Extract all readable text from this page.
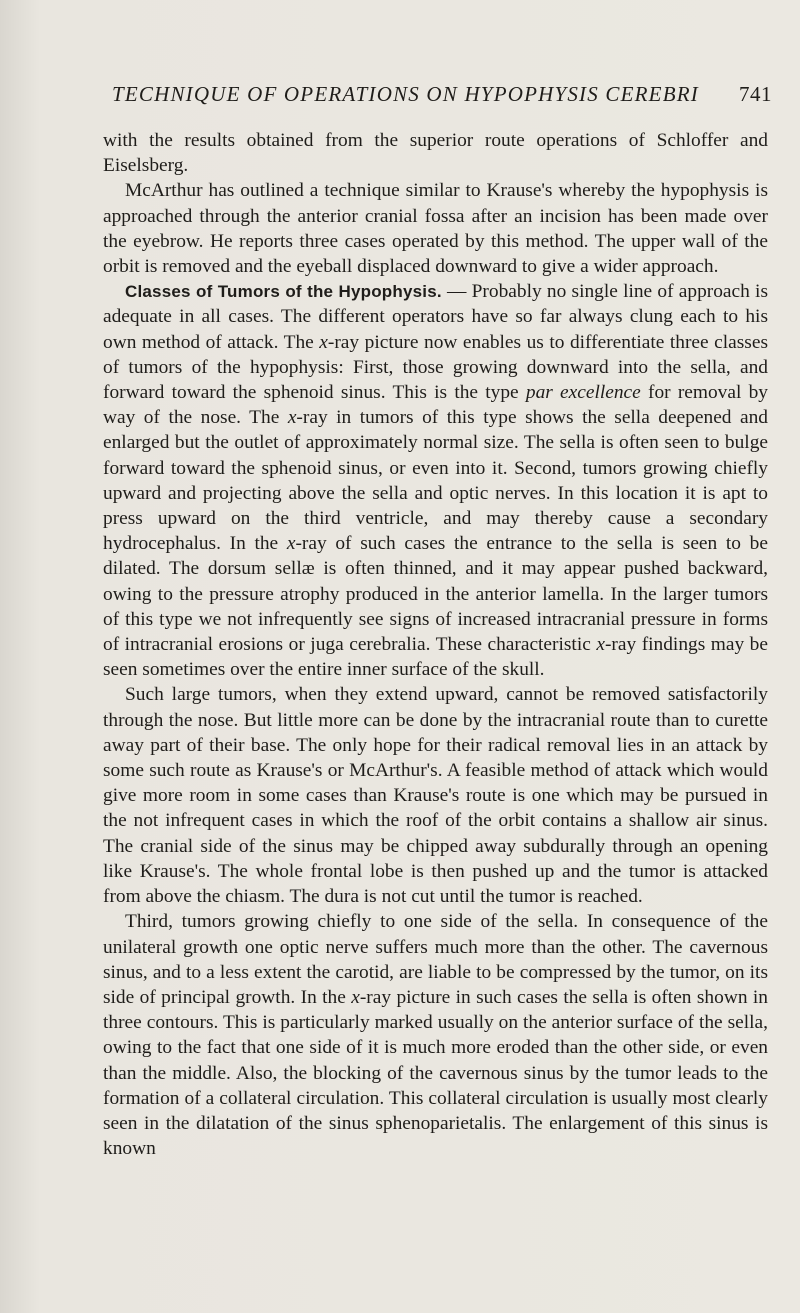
TECHNIQUE OF OPERATIONS ON HYPOPHYSIS CEREBRI 741

with the results obtained from the superior route operations of Schloffer and Eiselsberg.

McArthur has outlined a technique similar to Krause's whereby the hypophysis is approached through the anterior cranial fossa after an incision has been made over the eyebrow. He reports three cases operated by this method. The upper wall of the orbit is removed and the eyeball displaced downward to give a wider approach.

Classes of Tumors of the Hypophysis. — Probably no single line of approach is adequate in all cases. The different operators have so far always clung each to his own method of attack. The x-ray picture now enables us to differentiate three classes of tumors of the hypophysis: First, those growing downward into the sella, and forward toward the sphenoid sinus. This is the type par excellence for removal by way of the nose. The x-ray in tumors of this type shows the sella deepened and enlarged but the outlet of approximately normal size. The sella is often seen to bulge forward toward the sphenoid sinus, or even into it. Second, tumors growing chiefly upward and projecting above the sella and optic nerves. In this location it is apt to press upward on the third ventricle, and may thereby cause a secondary hydrocephalus. In the x-ray of such cases the entrance to the sella is seen to be dilated. The dorsum sellæ is often thinned, and it may appear pushed backward, owing to the pressure atrophy produced in the anterior lamella. In the larger tumors of this type we not infrequently see signs of increased intracranial pressure in forms of intracranial erosions or juga cerebralia. These characteristic x-ray findings may be seen sometimes over the entire inner surface of the skull.

Such large tumors, when they extend upward, cannot be removed satisfactorily through the nose. But little more can be done by the intracranial route than to curette away part of their base. The only hope for their radical removal lies in an attack by some such route as Krause's or McArthur's. A feasible method of attack which would give more room in some cases than Krause's route is one which may be pursued in the not infrequent cases in which the roof of the orbit contains a shallow air sinus. The cranial side of the sinus may be chipped away subdurally through an opening like Krause's. The whole frontal lobe is then pushed up and the tumor is attacked from above the chiasm. The dura is not cut until the tumor is reached.

Third, tumors growing chiefly to one side of the sella. In consequence of the unilateral growth one optic nerve suffers much more than the other. The cavernous sinus, and to a less extent the carotid, are liable to be compressed by the tumor, on its side of principal growth. In the x-ray picture in such cases the sella is often shown in three contours. This is particularly marked usually on the anterior surface of the sella, owing to the fact that one side of it is much more eroded than the other side, or even than the middle. Also, the blocking of the cavernous sinus by the tumor leads to the formation of a collateral circulation. This collateral circulation is usually most clearly seen in the dilatation of the sinus sphenoparietalis. The enlargement of this sinus is known
